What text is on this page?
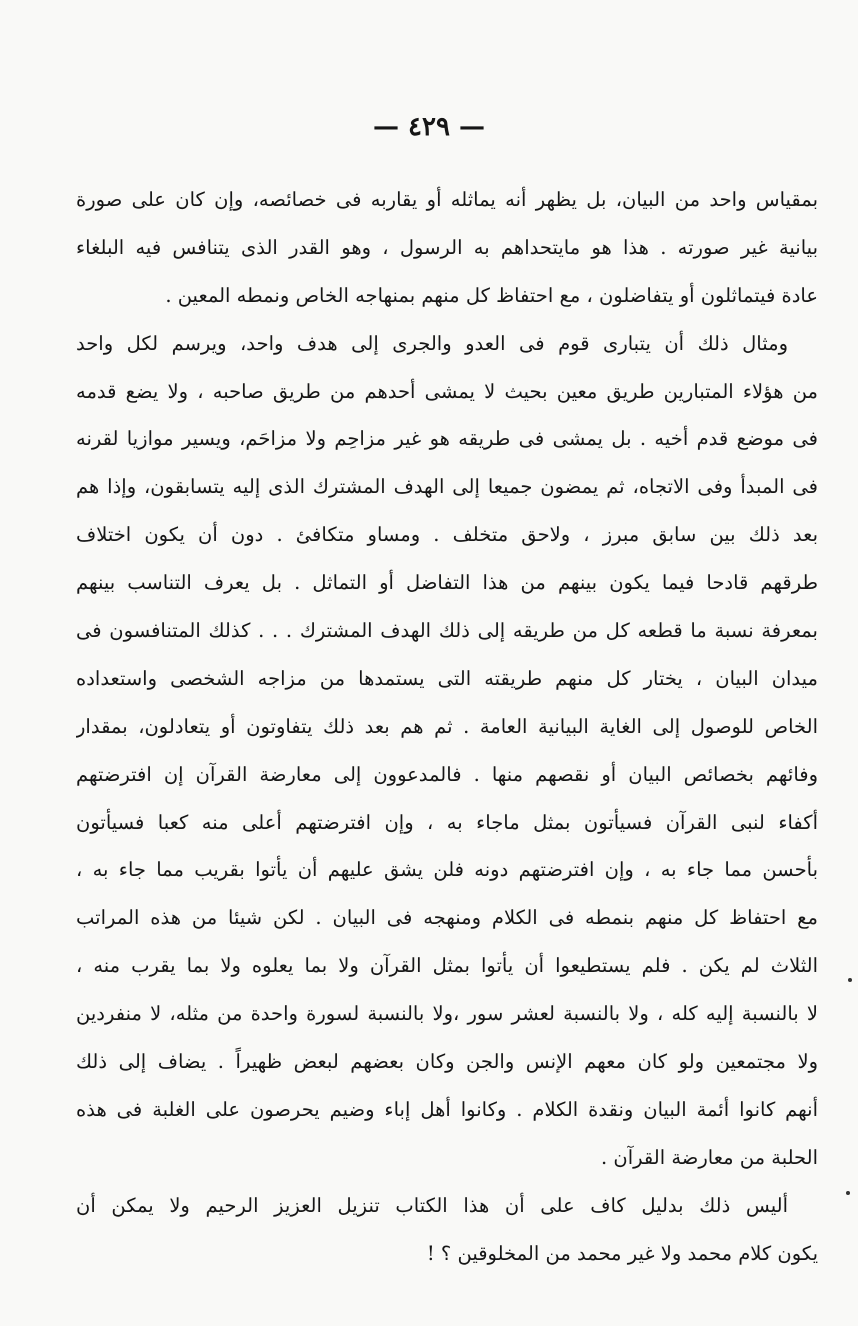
— ٤٢٩ —
بمقياس واحد من البيان، بل يظهر أنه يماثله أو يقاربه فى خصائصه، وإن كان على صورة
بيانية غير صورته . هذا هو مايتحداهم به الرسول ، وهو القدر الذى يتنافس فيه البلغاء
عادة فيتماثلون أو يتفاضلون ، مع احتفاظ كل منهم بمنهاجه الخاص ونمطه المعين .
ومثال ذلك أن يتبارى قوم فى العدو والجرى إلى هدف واحد، ويرسم لكل واحد
من هؤلاء المتبارين طريق معين بحيث لا يمشى أحدهم من طريق صاحبه ، ولا يضع قدمه
فى موضع قدم أخيه . بل يمشى فى طريقه هو غير مزاحِم ولا مزاحَم، ويسير موازيا لقرنه
فى المبدأ وفى الاتجاه، ثم يمضون جميعا إلى الهدف المشترك الذى إليه يتسابقون، وإذا هم
بعد ذلك بين سابق مبرز ، ولاحق متخلف . ومساو متكافئ . دون أن يكون اختلاف
طرقهم قادحا فيما يكون بينهم من هذا التفاضل أو التماثل . بل يعرف التناسب بينهم
بمعرفة نسبة ما قطعه كل من طريقه إلى ذلك الهدف المشترك . . . كذلك المتنافسون فى
ميدان البيان ، يختار كل منهم طريقته التى يستمدها من مزاجه الشخصى واستعداده
الخاص للوصول إلى الغاية البيانية العامة . ثم هم بعد ذلك يتفاوتون أو يتعادلون، بمقدار
وفائهم بخصائص البيان أو نقصهم منها . فالمدعوون إلى معارضة القرآن إن افترضتهم
أكفاء لنبى القرآن فسيأتون بمثل ماجاء به ، وإن افترضتهم أعلى منه كعبا فسيأتون
بأحسن مما جاء به ، وإن افترضتهم دونه فلن يشق عليهم أن يأتوا بقريب مما جاء به ،
مع احتفاظ كل منهم بنمطه فى الكلام ومنهجه فى البيان . لكن شيئا من هذه المراتب
الثلاث لم يكن . فلم يستطيعوا أن يأتوا بمثل القرآن ولا بما يعلوه ولا بما يقرب منه ،
لا بالنسبة إليه كله ، ولا بالنسبة لعشر سور ،ولا بالنسبة لسورة واحدة من مثله، لا منفردين
ولا مجتمعين ولو كان معهم الإنس والجن وكان بعضهم لبعض ظهيراً . يضاف إلى ذلك
أنهم كانوا أئمة البيان ونقدة الكلام . وكانوا أهل إباء وضيم يحرصون على الغلبة فى هذه
الحلبة من معارضة القرآن .
أليس ذلك بدليل كاف على أن هذا الكتاب تنزيل العزيز الرحيم ولا يمكن أن
يكون كلام محمد ولا غير محمد من المخلوقين ؟ !
